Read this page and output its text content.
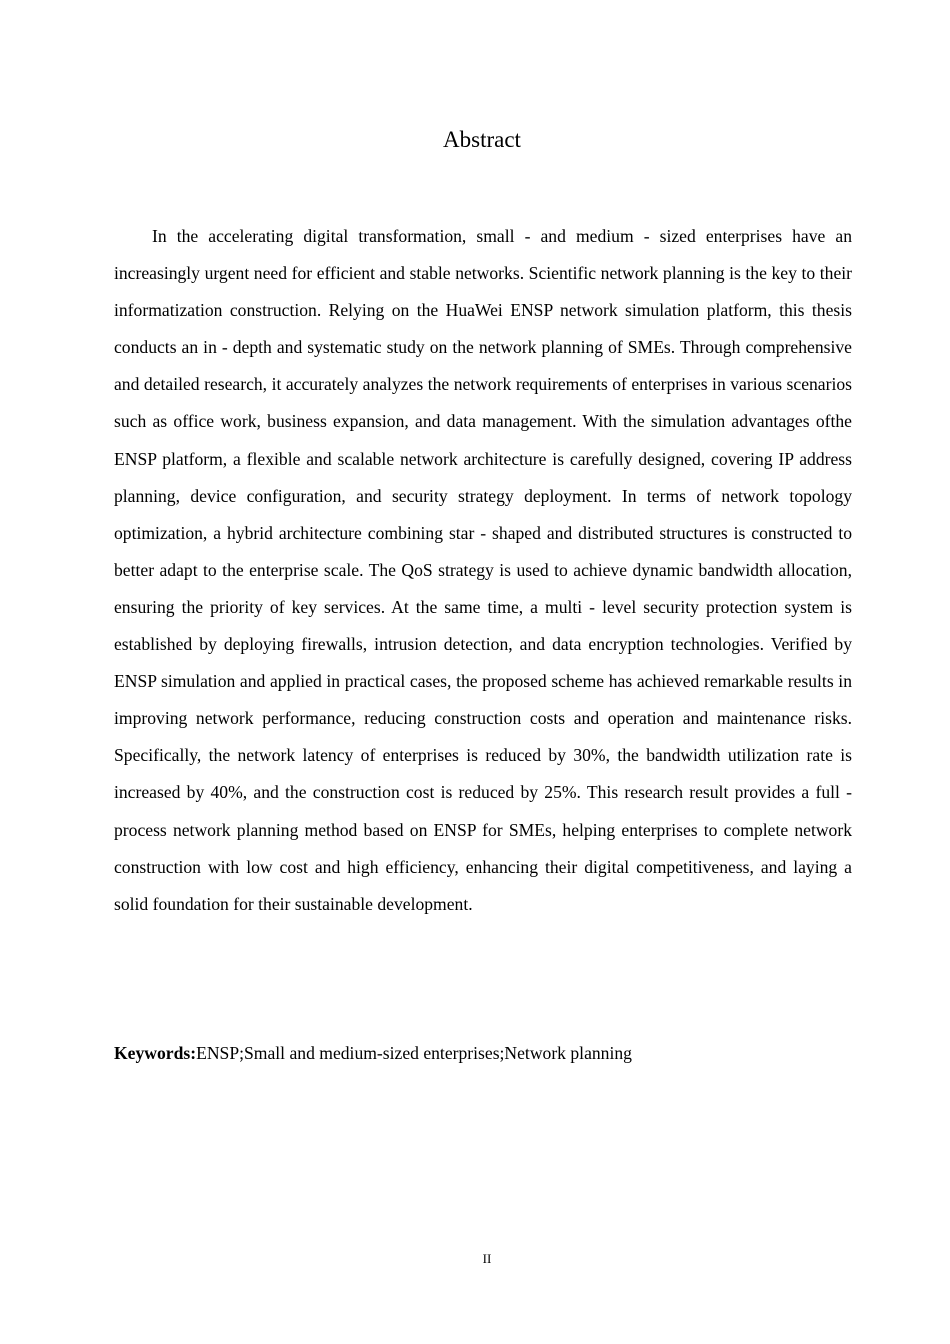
Abstract

In the accelerating digital transformation, small - and medium - sized enterprises have an increasingly urgent need for efficient and stable networks. Scientific network planning is the key to their informatization construction. Relying on the HuaWei ENSP network simulation platform, this thesis conducts an in - depth and systematic study on the network planning of SMEs. Through comprehensive and detailed research, it accurately analyzes the network requirements of enterprises in various scenarios such as office work, business expansion, and data management. With the simulation advantages ofthe ENSP platform, a flexible and scalable network architecture is carefully designed, covering IP address planning, device configuration, and security strategy deployment. In terms of network topology optimization, a hybrid architecture combining star - shaped and distributed structures is constructed to better adapt to the enterprise scale. The QoS strategy is used to achieve dynamic bandwidth allocation, ensuring the priority of key services. At the same time, a multi - level security protection system is established by deploying firewalls, intrusion detection, and data encryption technologies. Verified by ENSP simulation and applied in practical cases, the proposed scheme has achieved remarkable results in improving network performance, reducing construction costs and operation and maintenance risks. Specifically, the network latency of enterprises is reduced by 30%, the bandwidth utilization rate is increased by 40%, and the construction cost is reduced by 25%. This research result provides a full - process network planning method based on ENSP for SMEs, helping enterprises to complete network construction with low cost and high efficiency, enhancing their digital competitiveness, and laying a solid foundation for their sustainable development.

Keywords:ENSP;Small and medium-sized enterprises;Network planning

II
